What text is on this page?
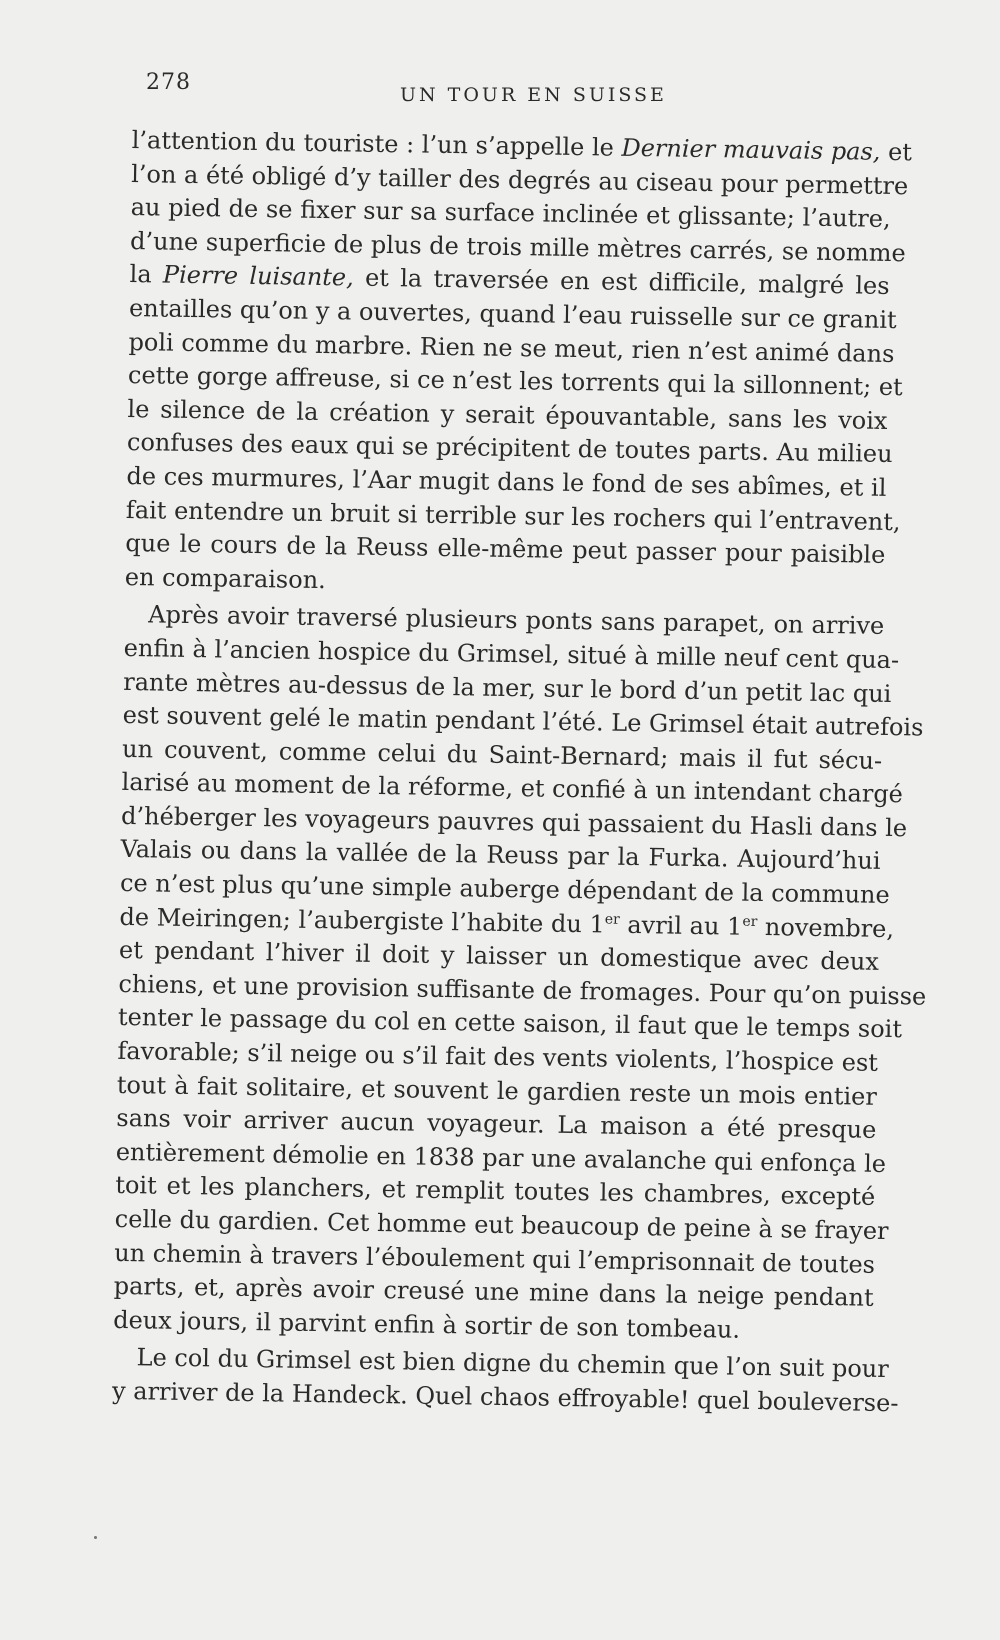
278	UN TOUR EN SUISSE
l’attention du touriste : l’un s’appelle le Dernier mauvais pas, et
l’on a été obligé d’y tailler des degrés au ciseau pour permettre
au pied de se fixer sur sa surface inclinée et glissante; l’autre,
d’une superficie de plus de trois mille mètres carrés, se nomme
la Pierre luisante, et la traversée en est difficile, malgré les
entailles qu’on y a ouvertes, quand l’eau ruisselle sur ce granit
poli comme du marbre. Rien ne se meut, rien n’est animé dans
cette gorge affreuse, si ce n’est les torrents qui la sillonnent; et
le silence de la création y serait épouvantable, sans les voix
confuses des eaux qui se précipitent de toutes parts. Au milieu
de ces murmures, l’Aar mugit dans le fond de ses abîmes, et il
fait entendre un bruit si terrible sur les rochers qui l’entravent,
que le cours de la Reuss elle-même peut passer pour paisible
en comparaison.
Après avoir traversé plusieurs ponts sans parapet, on arrive
enfin à l’ancien hospice du Grimsel, situé à mille neuf cent qua-
rante mètres au-dessus de la mer, sur le bord d’un petit lac qui
est souvent gelé le matin pendant l’été. Le Grimsel était autrefois
un couvent, comme celui du Saint-Bernard; mais il fut sécu-
larisé au moment de la réforme, et confié à un intendant chargé
d’héberger les voyageurs pauvres qui passaient du Hasli dans le
Valais ou dans la vallée de la Reuss par la Furka. Aujourd’hui
ce n’est plus qu’une simple auberge dépendant de la commune
de Meiringen; l’aubergiste l’habite du 1er avril au 1er novembre,
et pendant l’hiver il doit y laisser un domestique avec deux
chiens, et une provision suffisante de fromages. Pour qu’on puisse
tenter le passage du col en cette saison, il faut que le temps soit
favorable; s’il neige ou s’il fait des vents violents, l’hospice est
tout à fait solitaire, et souvent le gardien reste un mois entier
sans voir arriver aucun voyageur. La maison a été presque
entièrement démolie en 1838 par une avalanche qui enfonça le
toit et les planchers, et remplit toutes les chambres, excepté
celle du gardien. Cet homme eut beaucoup de peine à se frayer
un chemin à travers l’éboulement qui l’emprisonnait de toutes
parts, et, après avoir creusé une mine dans la neige pendant
deux jours, il parvint enfin à sortir de son tombeau.
Le col du Grimsel est bien digne du chemin que l’on suit pour
y arriver de la Handeck. Quel chaos effroyable! quel bouleverse-
